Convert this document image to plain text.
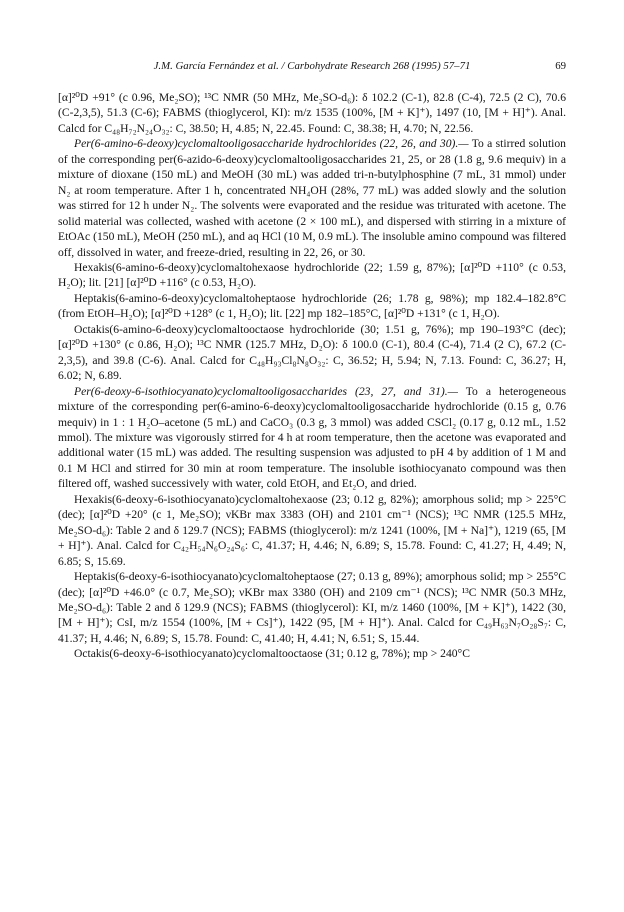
J.M. García Fernández et al. / Carbohydrate Research 268 (1995) 57–71	69

[α]²⁰D +91° (c 0.96, Me₂SO); ¹³C NMR (50 MHz, Me₂SO-d₆): δ 102.2 (C-1), 82.8 (C-4), 72.5 (2 C), 70.6 (C-2,3,5), 51.3 (C-6); FABMS (thioglycerol, KI): m/z 1535 (100%, [M + K]⁺), 1497 (10, [M + H]⁺). Anal. Calcd for C₄₈H₇₂N₂₄O₃₂: C, 38.50; H, 4.85; N, 22.45. Found: C, 38.38; H, 4.70; N, 22.56.

Per(6-amino-6-deoxy)cyclomaltooligosaccharide hydrochlorides (22, 26, and 30).— To a stirred solution of the corresponding per(6-azido-6-deoxy)cyclomaltooligosaccharides 21, 25, or 28 (1.8 g, 9.6 mequiv) in a mixture of dioxane (150 mL) and MeOH (30 mL) was added tri-n-butylphosphine (7 mL, 31 mmol) under N₂ at room temperature. After 1 h, concentrated NH₄OH (28%, 77 mL) was added slowly and the solution was stirred for 12 h under N₂. The solvents were evaporated and the residue was triturated with acetone. The solid material was collected, washed with acetone (2 × 100 mL), and dispersed with stirring in a mixture of EtOAc (150 mL), MeOH (250 mL), and aq HCl (10 M, 0.9 mL). The insoluble amino compound was filtered off, dissolved in water, and freeze-dried, resulting in 22, 26, or 30.

Hexakis(6-amino-6-deoxy)cyclomaltohexaose hydrochloride (22; 1.59 g, 87%); [α]²⁰D +110° (c 0.53, H₂O); lit. [21] [α]²⁰D +116° (c 0.53, H₂O).

Heptakis(6-amino-6-deoxy)cyclomaltoheptaose hydrochloride (26; 1.78 g, 98%); mp 182.4–182.8°C (from EtOH–H₂O); [α]²⁰D +128° (c 1, H₂O); lit. [22] mp 182–185°C, [α]²⁰D +131° (c 1, H₂O).

Octakis(6-amino-6-deoxy)cyclomaltooctaose hydrochloride (30; 1.51 g, 76%); mp 190–193°C (dec); [α]²⁰D +130° (c 0.86, H₂O); ¹³C NMR (125.7 MHz, D₂O): δ 100.0 (C-1), 80.4 (C-4), 71.4 (2 C), 67.2 (C-2,3,5), and 39.8 (C-6). Anal. Calcd for C₄₈H₉₃Cl₈N₈O₃₂: C, 36.52; H, 5.94; N, 7.13. Found: C, 36.27; H, 6.02; N, 6.89.

Per(6-deoxy-6-isothiocyanato)cyclomaltooligosaccharides (23, 27, and 31).— To a heterogeneous mixture of the corresponding per(6-amino-6-deoxy)cyclomaltooligosaccharide hydrochloride (0.15 g, 0.76 mequiv) in 1 : 1 H₂O–acetone (5 mL) and CaCO₃ (0.3 g, 3 mmol) was added CSCl₂ (0.17 g, 0.12 mL, 1.52 mmol). The mixture was vigorously stirred for 4 h at room temperature, then the acetone was evaporated and additional water (15 mL) was added. The resulting suspension was adjusted to pH 4 by addition of 1 M and 0.1 M HCl and stirred for 30 min at room temperature. The insoluble isothiocyanato compound was then filtered off, washed successively with water, cold EtOH, and Et₂O, and dried.

Hexakis(6-deoxy-6-isothiocyanato)cyclomaltohexaose (23; 0.12 g, 82%); amorphous solid; mp > 225°C (dec); [α]²⁰D +20° (c 1, Me₂SO); νKBr max 3383 (OH) and 2101 cm⁻¹ (NCS); ¹³C NMR (125.5 MHz, Me₂SO-d₆): Table 2 and δ 129.7 (NCS); FABMS (thioglycerol): m/z 1241 (100%, [M + Na]⁺), 1219 (65, [M + H]⁺). Anal. Calcd for C₄₂H₅₄N₆O₂₄S₆: C, 41.37; H, 4.46; N, 6.89; S, 15.78. Found: C, 41.27; H, 4.49; N, 6.85; S, 15.69.

Heptakis(6-deoxy-6-isothiocyanato)cyclomaltoheptaose (27; 0.13 g, 89%); amorphous solid; mp > 255°C (dec); [α]²⁰D +46.0° (c 0.7, Me₂SO); νKBr max 3380 (OH) and 2109 cm⁻¹ (NCS); ¹³C NMR (50.3 MHz, Me₂SO-d₆): Table 2 and δ 129.9 (NCS); FABMS (thioglycerol): KI, m/z 1460 (100%, [M + K]⁺), 1422 (30, [M + H]⁺); CsI, m/z 1554 (100%, [M + Cs]⁺), 1422 (95, [M + H]⁺). Anal. Calcd for C₄₉H₆₃N₇O₂₈S₇: C, 41.37; H, 4.46; N, 6.89; S, 15.78. Found: C, 41.40; H, 4.41; N, 6.51; S, 15.44.

Octakis(6-deoxy-6-isothiocyanato)cyclomaltooctaose (31; 0.12 g, 78%); mp > 240°C
